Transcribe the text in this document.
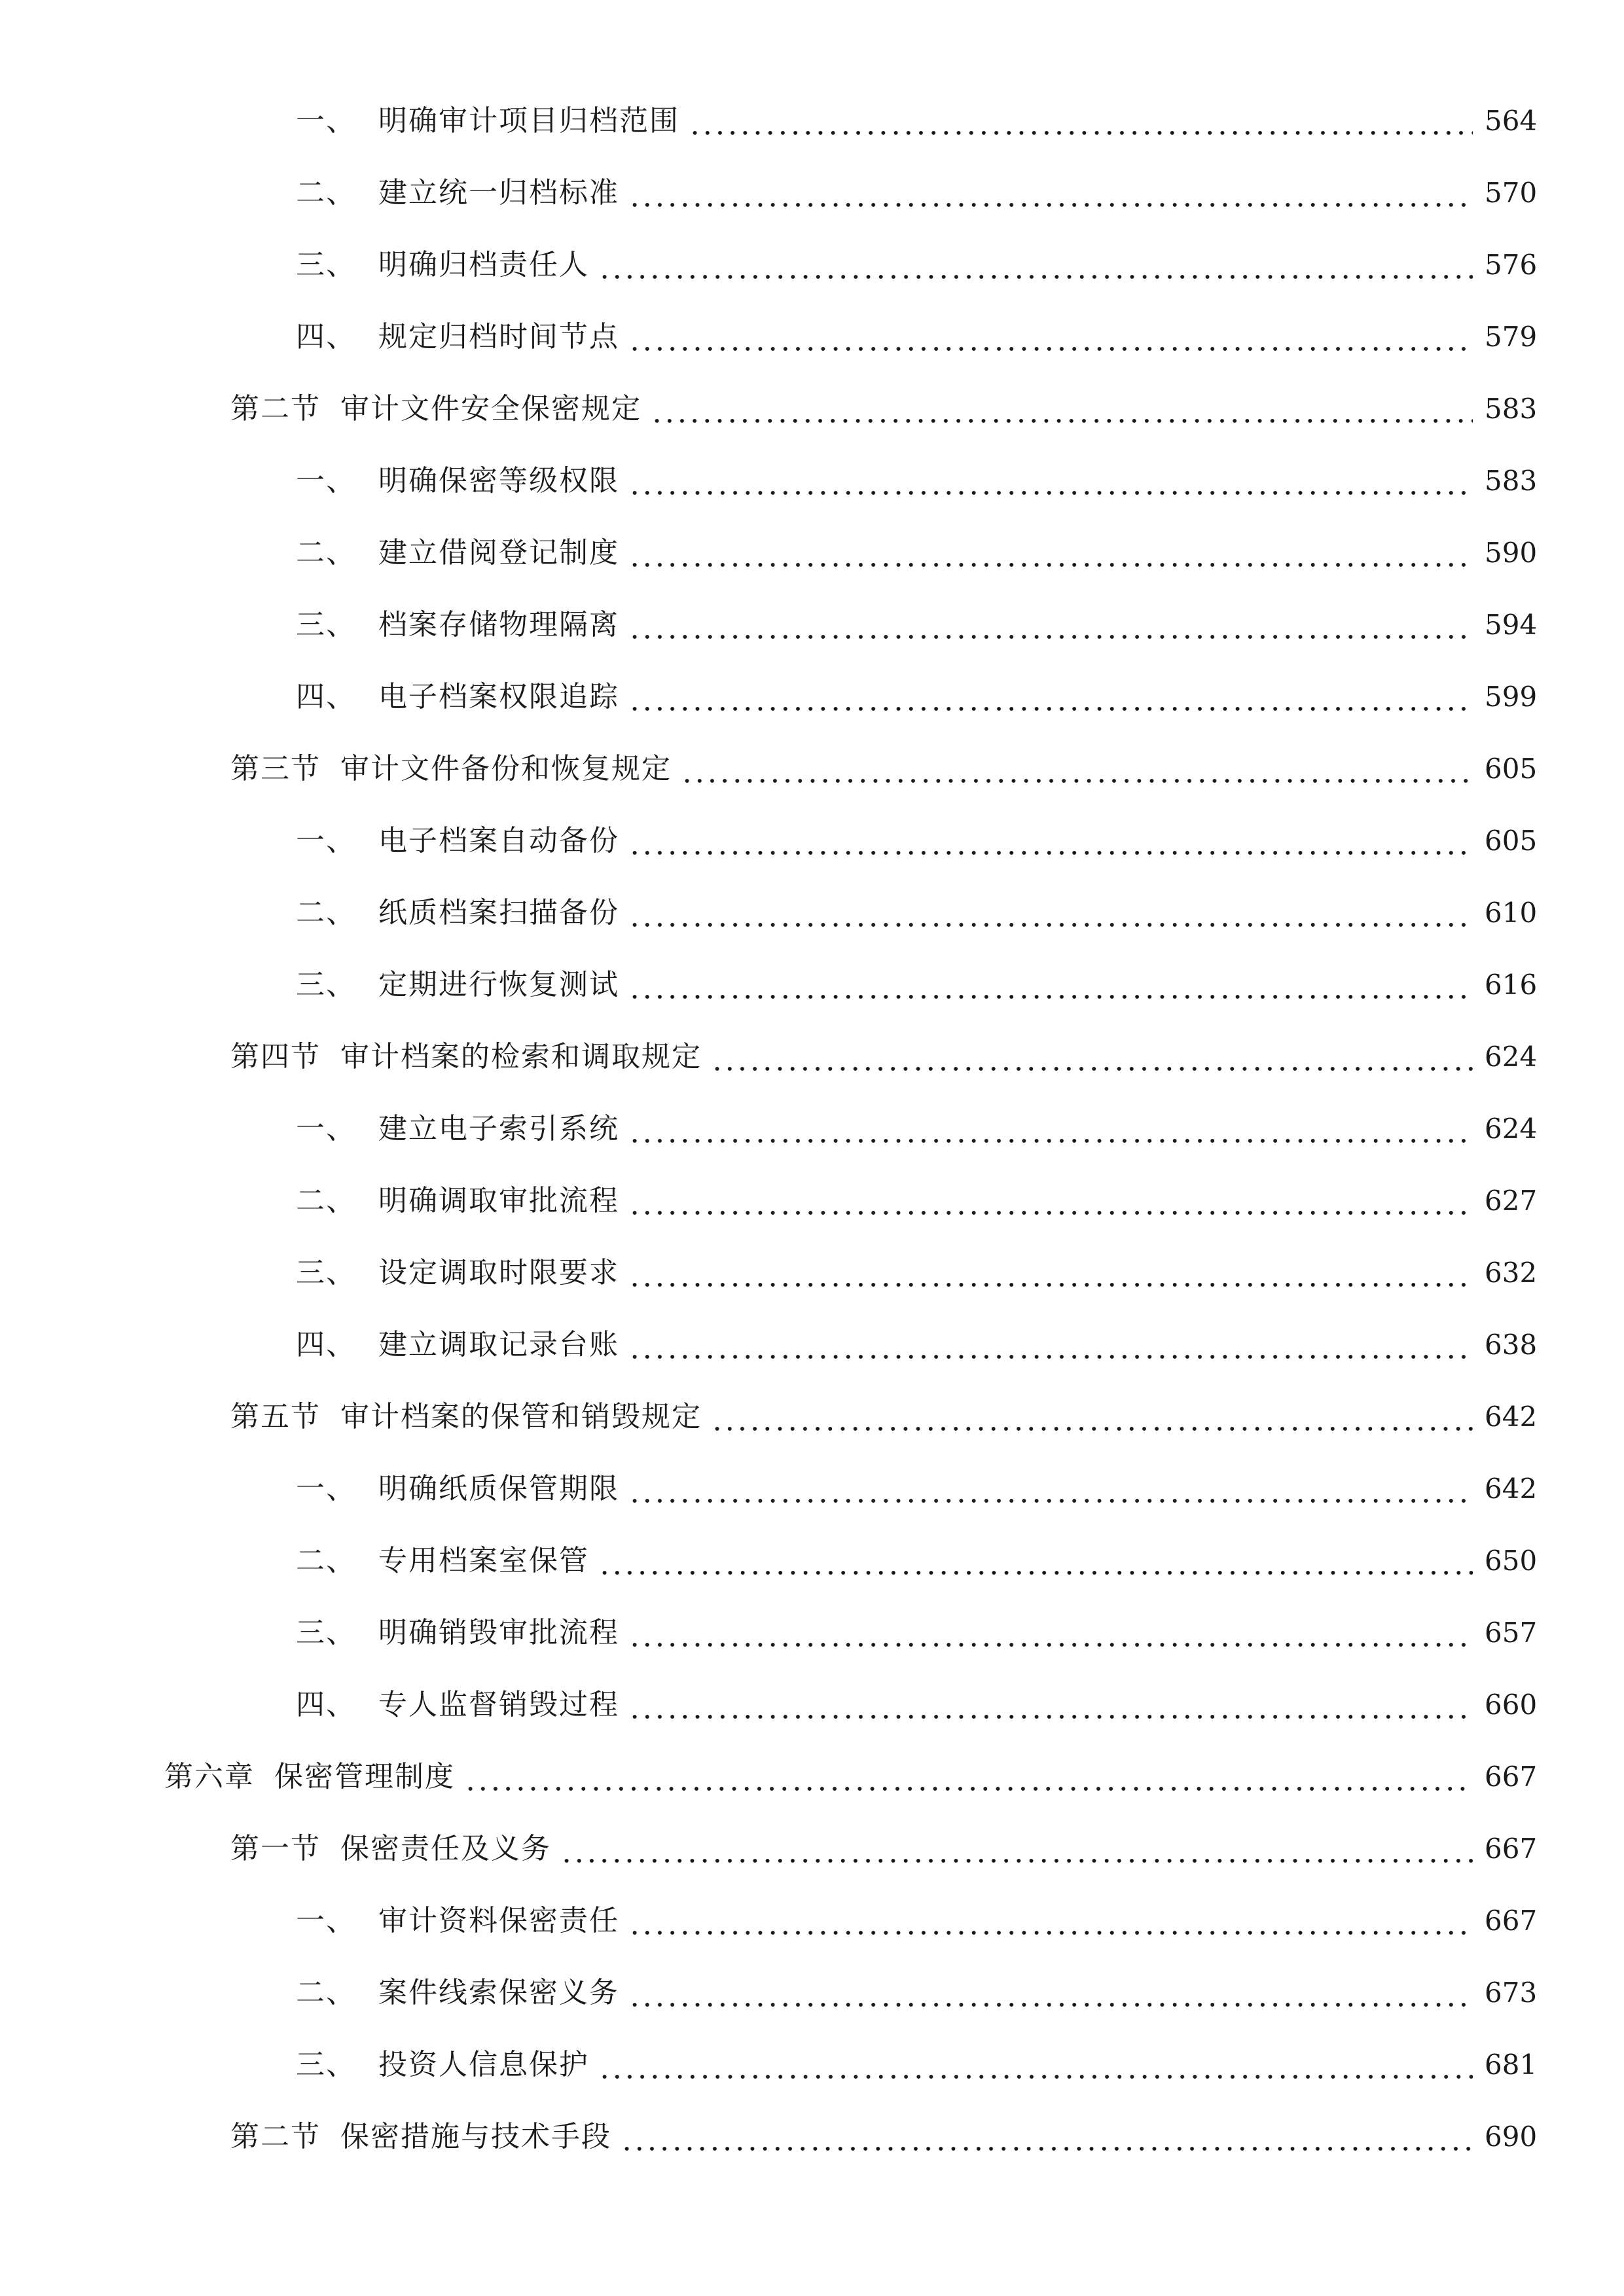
一、 明确审计项目归档范围	564
二、 建立统一归档标准	570
三、 明确归档责任人	576
四、 规定归档时间节点	579
第二节 审计文件安全保密规定	583
一、 明确保密等级权限	583
二、 建立借阅登记制度	590
三、 档案存储物理隔离	594
四、 电子档案权限追踪	599
第三节 审计文件备份和恢复规定	605
一、 电子档案自动备份	605
二、 纸质档案扫描备份	610
三、 定期进行恢复测试	616
第四节 审计档案的检索和调取规定	624
一、 建立电子索引系统	624
二、 明确调取审批流程	627
三、 设定调取时限要求	632
四、 建立调取记录台账	638
第五节 审计档案的保管和销毁规定	642
一、 明确纸质保管期限	642
二、 专用档案室保管	650
三、 明确销毁审批流程	657
四、 专人监督销毁过程	660
第六章 保密管理制度	667
第一节 保密责任及义务	667
一、 审计资料保密责任	667
二、 案件线索保密义务	673
三、 投资人信息保护	681
第二节 保密措施与技术手段	690
